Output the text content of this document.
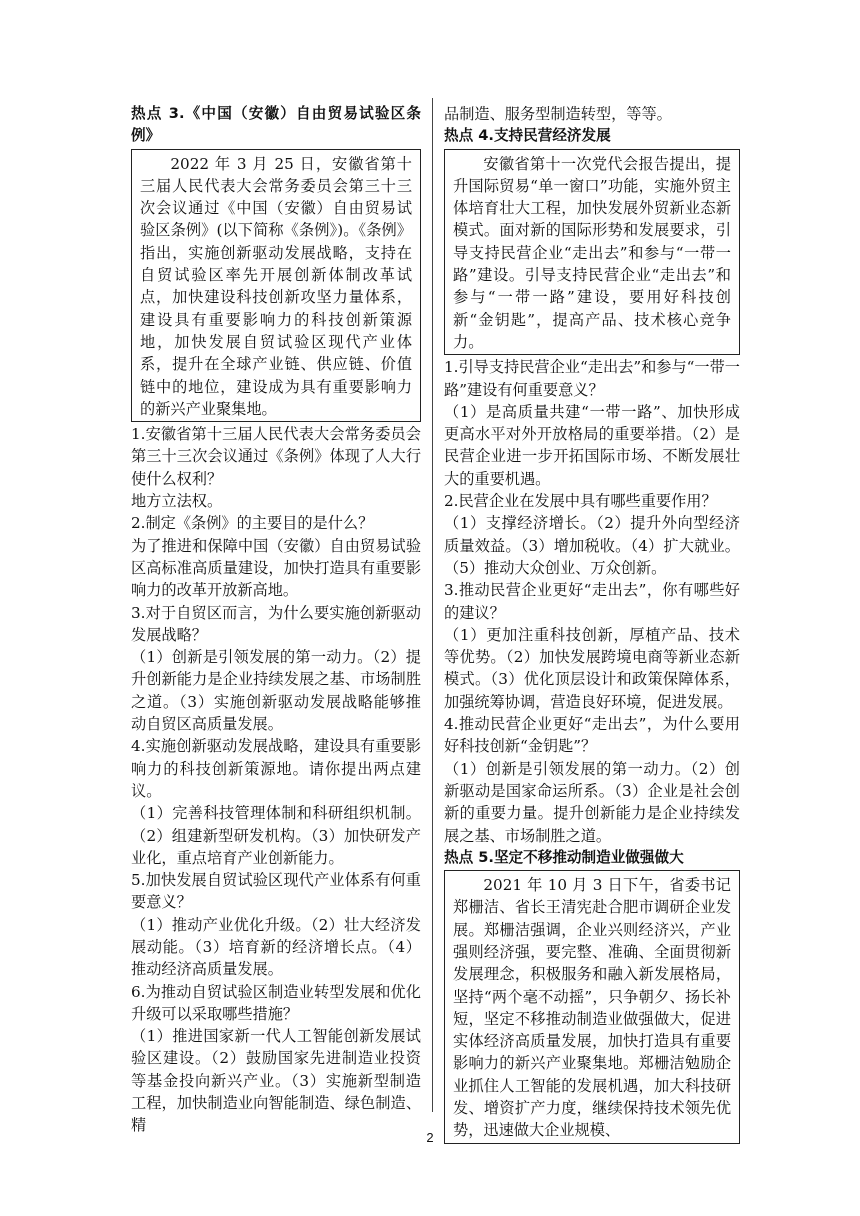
热点 3.《中国（安徽）自由贸易试验区条例》

2022 年 3 月 25 日，安徽省第十三届人民代表大会常务委员会第三十三次会议通过《中国（安徽）自由贸易试验区条例》(以下简称《条例》)。《条例》指出，实施创新驱动发展战略，支持在自贸试验区率先开展创新体制改革试点，加快建设科技创新攻坚力量体系，建设具有重要影响力的科技创新策源地，加快发展自贸试验区现代产业体系，提升在全球产业链、供应链、价值链中的地位，建设成为具有重要影响力的新兴产业聚集地。

1.安徽省第十三届人民代表大会常务委员会第三十三次会议通过《条例》体现了人大行使什么权利？

地方立法权。

2.制定《条例》的主要目的是什么？

为了推进和保障中国（安徽）自由贸易试验区高标准高质量建设，加快打造具有重要影响力的改革开放新高地。

3.对于自贸区而言，为什么要实施创新驱动发展战略？

（1）创新是引领发展的第一动力。（2）提升创新能力是企业持续发展之基、市场制胜之道。（3）实施创新驱动发展战略能够推动自贸区高质量发展。

4.实施创新驱动发展战略，建设具有重要影响力的科技创新策源地。请你提出两点建议。

（1）完善科技管理体制和科研组织机制。（2）组建新型研发机构。（3）加快研发产业化，重点培育产业创新能力。

5.加快发展自贸试验区现代产业体系有何重要意义？

（1）推动产业优化升级。（2）壮大经济发展动能。（3）培育新的经济增长点。（4）推动经济高质量发展。

6.为推动自贸试验区制造业转型发展和优化升级可以采取哪些措施？

（1）推进国家新一代人工智能创新发展试验区建设。（2）鼓励国家先进制造业投资等基金投向新兴产业。（3）实施新型制造工程，加快制造业向智能制造、绿色制造、精

品制造、服务型制造转型，等等。

热点 4.支持民营经济发展

安徽省第十一次党代会报告提出，提升国际贸易“单一窗口”功能，实施外贸主体培育壮大工程，加快发展外贸新业态新模式。面对新的国际形势和发展要求，引导支持民营企业“走出去”和参与“一带一路”建设。引导支持民营企业“走出去”和参与“一带一路”建设，要用好科技创新“金钥匙”，提高产品、技术核心竞争力。

1.引导支持民营企业“走出去”和参与“一带一路”建设有何重要意义？

（1）是高质量共建“一带一路”、加快形成更高水平对外开放格局的重要举措。（2）是民营企业进一步开拓国际市场、不断发展壮大的重要机遇。

2.民营企业在发展中具有哪些重要作用？

（1）支撑经济增长。（2）提升外向型经济质量效益。（3）增加税收。（4）扩大就业。（5）推动大众创业、万众创新。

3.推动民营企业更好“走出去”，你有哪些好的建议？

（1）更加注重科技创新，厚植产品、技术等优势。（2）加快发展跨境电商等新业态新模式。（3）优化顶层设计和政策保障体系，加强统筹协调，营造良好环境，促进发展。

4.推动民营企业更好“走出去”，为什么要用好科技创新“金钥匙”？

（1）创新是引领发展的第一动力。（2）创新驱动是国家命运所系。（3）企业是社会创新的重要力量。提升创新能力是企业持续发展之基、市场制胜之道。

热点 5.坚定不移推动制造业做强做大

2021 年 10 月 3 日下午，省委书记郑栅洁、省长王清宪赴合肥市调研企业发展。郑栅洁强调，企业兴则经济兴，产业强则经济强，要完整、准确、全面贯彻新发展理念，积极服务和融入新发展格局，坚持“两个毫不动摇”，只争朝夕、扬长补短，坚定不移推动制造业做强做大，促进实体经济高质量发展，加快打造具有重要影响力的新兴产业聚集地。郑栅洁勉励企业抓住人工智能的发展机遇，加大科技研发、增资扩产力度，继续保持技术领先优势，迅速做大企业规模、
2
